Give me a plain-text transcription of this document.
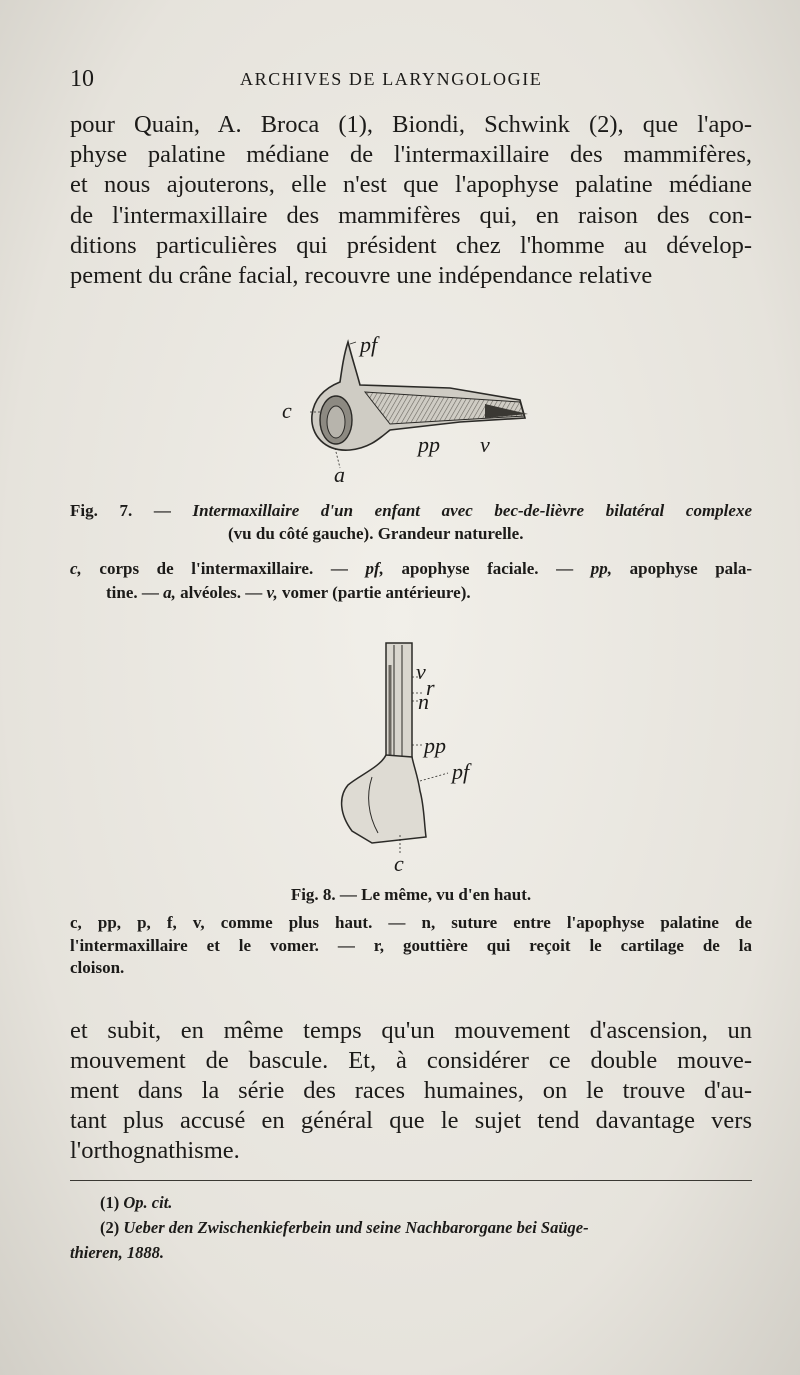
10	ARCHIVES DE LARYNGOLOGIE
pour Quain, A. Broca (1), Biondi, Schwink (2), que l'apo-
physe palatine médiane de l'intermaxillaire des mammifères,
et nous ajouterons, elle n'est que l'apophyse palatine médiane
de l'intermaxillaire des mammifères qui, en raison des con-
ditions particulières qui président chez l'homme au dévelop-
pement du crâne facial, recouvre une indépendance relative
pf
c
pp v
a
Fig. 7. — Intermaxillaire d'un enfant avec bec-de-lièvre bilatéral complexe
(vu du côté gauche). Grandeur naturelle.
c, corps de l'intermaxillaire. — pf, apophyse faciale. — pp, apophyse pala-
tine. — a, alvéoles. — v, vomer (partie antérieure).
v
r
n
pp
pf
c
Fig. 8. — Le même, vu d'en haut.
c, pp, p, f, v, comme plus haut. — n, suture entre l'apophyse palatine de
l'intermaxillaire et le vomer. — r, gouttière qui reçoit le cartilage de la
cloison.
et subit, en même temps qu'un mouvement d'ascension, un
mouvement de bascule. Et, à considérer ce double mouve-
ment dans la série des races humaines, on le trouve d'au-
tant plus accusé en général que le sujet tend davantage vers
l'orthognathisme.
(1) Op. cit.
(2) Ueber den Zwischenkieferbein und seine Nachbarorgane bei Saüge-
thieren, 1888.
